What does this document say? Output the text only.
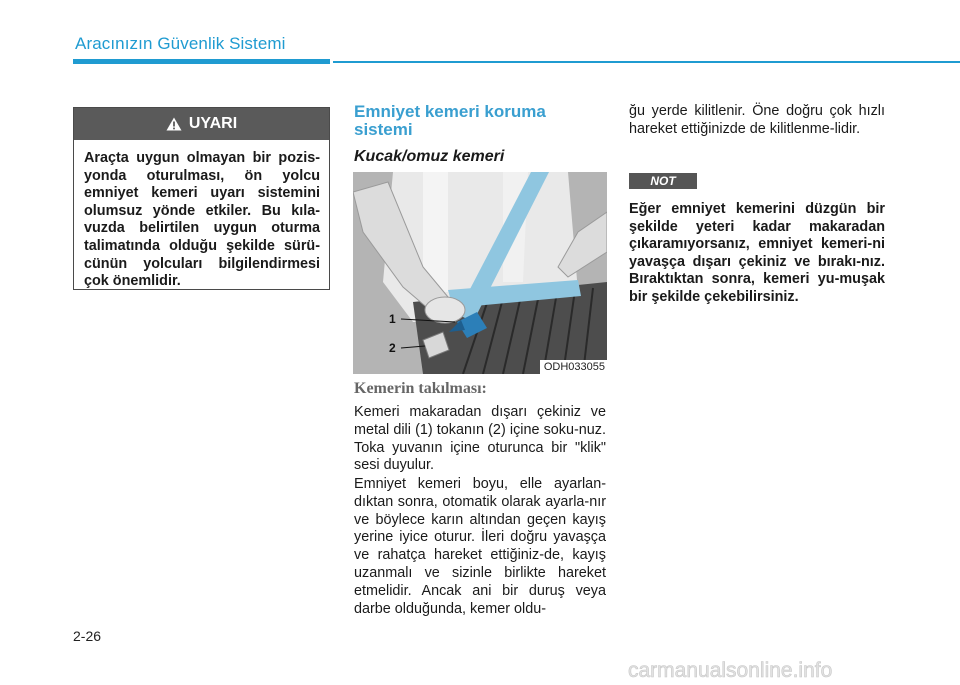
Aracınızın Güvenlik Sistemi
UYARI

Araçta uygun olmayan bir pozis-yonda oturulması, ön yolcu emniyet kemeri uyarı sistemini olumsuz yönde etkiler. Bu kıla-vuzda belirtilen uygun oturma talimatında olduğu şekilde sürü-cünün yolcuları bilgilendirmesi çok önemlidir.

Emniyet kemeri koruma sistemi
Kucak/omuz kemeri
1
2
ODH033055
Kemerin takılması:

Kemeri makaradan dışarı çekiniz ve metal dili (1) tokanın (2) içine soku-nuz. Toka yuvanın içine oturunca bir "klik" sesi duyulur.

Emniyet kemeri boyu, elle ayarlan-dıktan sonra, otomatik olarak ayarla-nır ve böylece karın altından geçen kayış yerine iyice oturur. İleri doğru yavaşça ve rahatça hareket ettiğiniz-de, kayış uzanmalı ve sizinle birlikte hareket etmelidir. Ancak ani bir duruş veya darbe olduğunda, kemer oldu-

ğu yerde kilitlenir. Öne doğru çok hızlı hareket ettiğinizde de kilitlenme-lidir.

NOT

Eğer emniyet kemerini düzgün bir şekilde yeteri kadar makaradan çıkaramıyorsanız, emniyet kemeri-ni yavaşça dışarı çekiniz ve bırakı-nız. Bıraktıktan sonra, kemeri yu-muşak bir şekilde çekebilirsiniz.

2-26
carmanualsonline.info
